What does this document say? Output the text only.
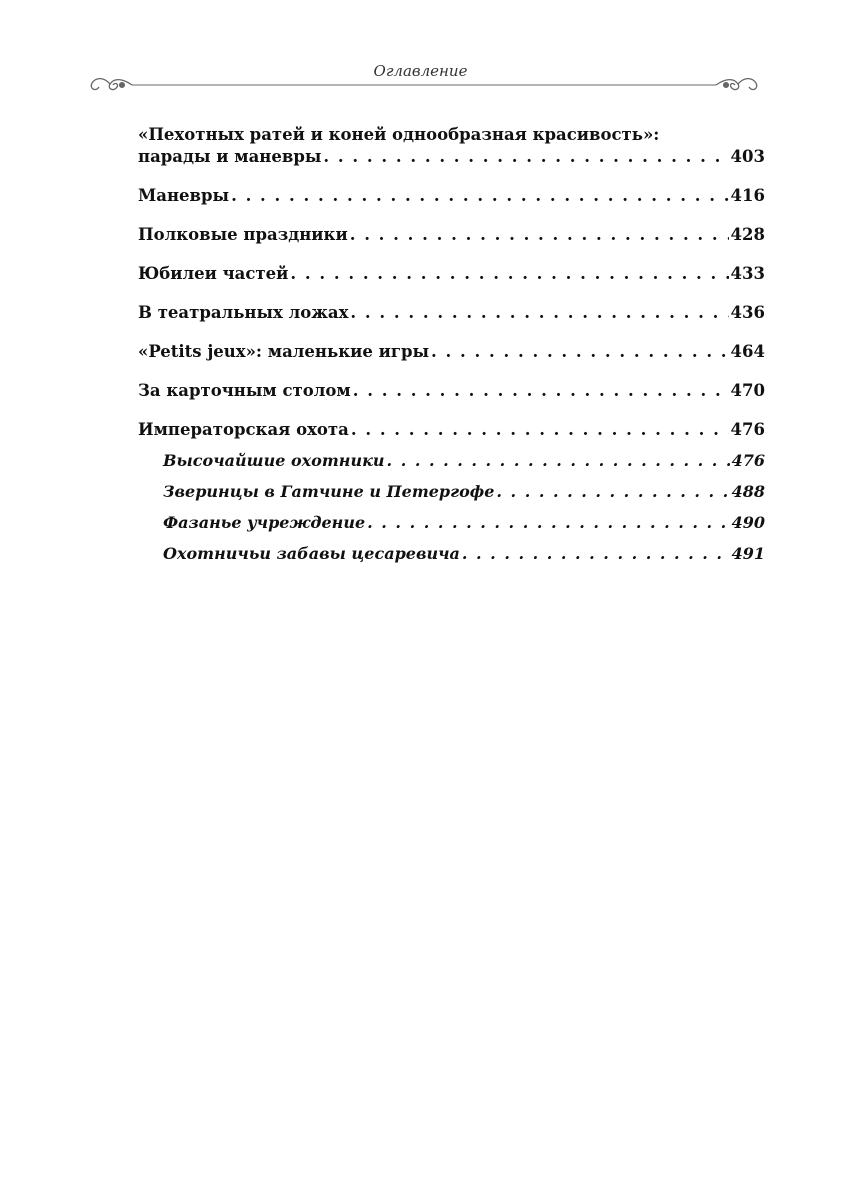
Оглавление
«Пехотных ратей и коней однообразная красивость»:
парады и маневры . . .	403
Маневры . . .	416
Полковые праздники . . .	428
Юбилеи частей . . .	433
В театральных ложах . . .	436
«Petits jeux»: маленькие игры . . .	464
За карточным столом . . .	470
Императорская охота . . .	476
Высочайшие охотники . . .	476
Зверинцы в Гатчине и Петергофе . . .	488
Фазанье учреждение . . .	490
Охотничьи забавы цесаревича . . .	491
